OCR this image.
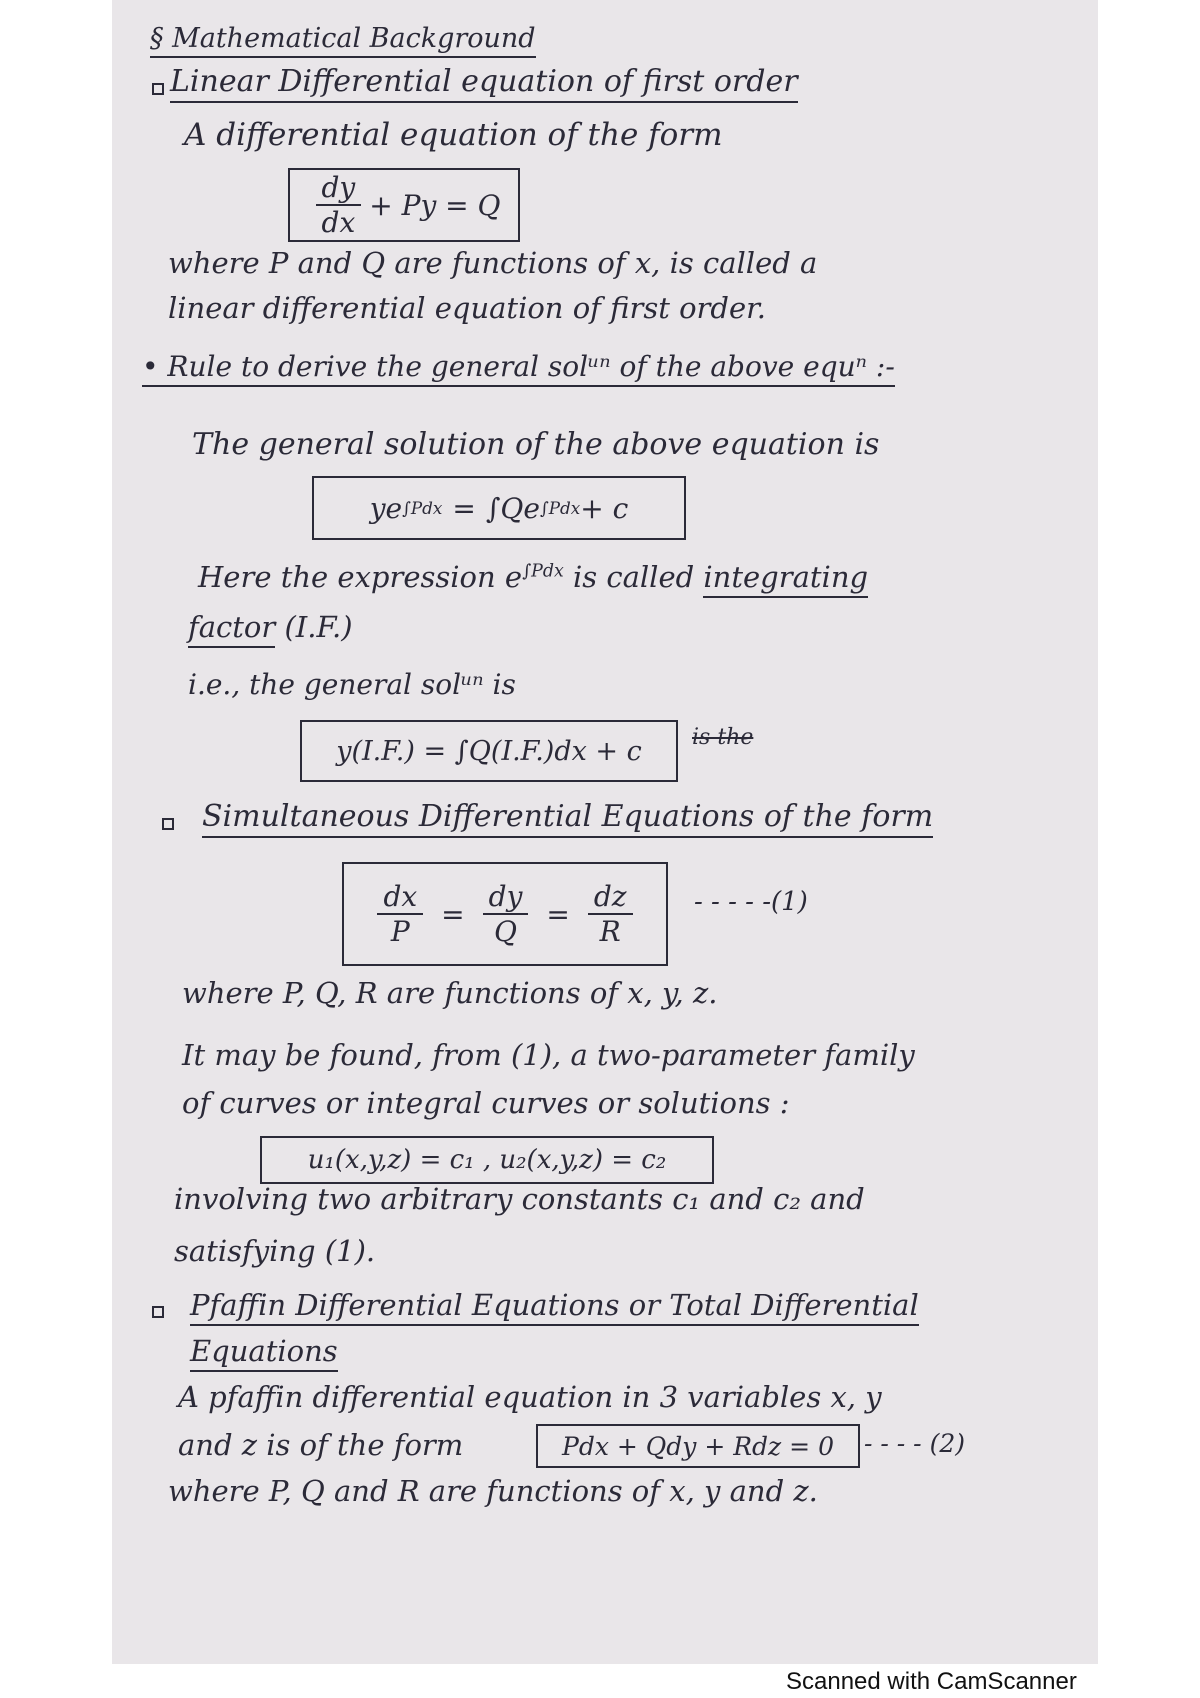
§ Mathematical Background
Linear Differential equation of first order
A differential equation of the form
$\frac{dy}{dx} + Py = Q$
where P and Q are functions of x, is called a
linear differential equation of first order.
• Rule to derive the general solᵘⁿ of the above equⁿ :-
The general solution of the above equation is
ye ∫Pdx = ∫Qe ∫Pdx + c
Here the expression $e^{\int Pdx}$ is called integrating
factor (I.F.)
i.e., the general solᵘⁿ is
y(I.F.) = ∫Q(I.F.)dx + c	is the
Simultaneous Differential Equations of the form
$\frac{dx}{P} = \frac{dy}{Q} = \frac{dz}{R}$ - - - - -(1)
where P, Q, R are functions of x, y, z.
It may be found, from (1), a two-parameter family
of curves or integral curves or solutions :
u₁(x,y,z) = c₁ , u₂(x,y,z) = c₂
involving two arbitrary constants c₁ and c₂ and
satisfying (1).
Pfaffin Differential Equations or Total Differential
Equations
A pfaffin differential equation in 3 variables x, y
and z is of the form	Pdx + Qdy + Rdz = 0	- - - - (2)
where P, Q and R are functions of x, y and z.
Scanned with CamScanner
